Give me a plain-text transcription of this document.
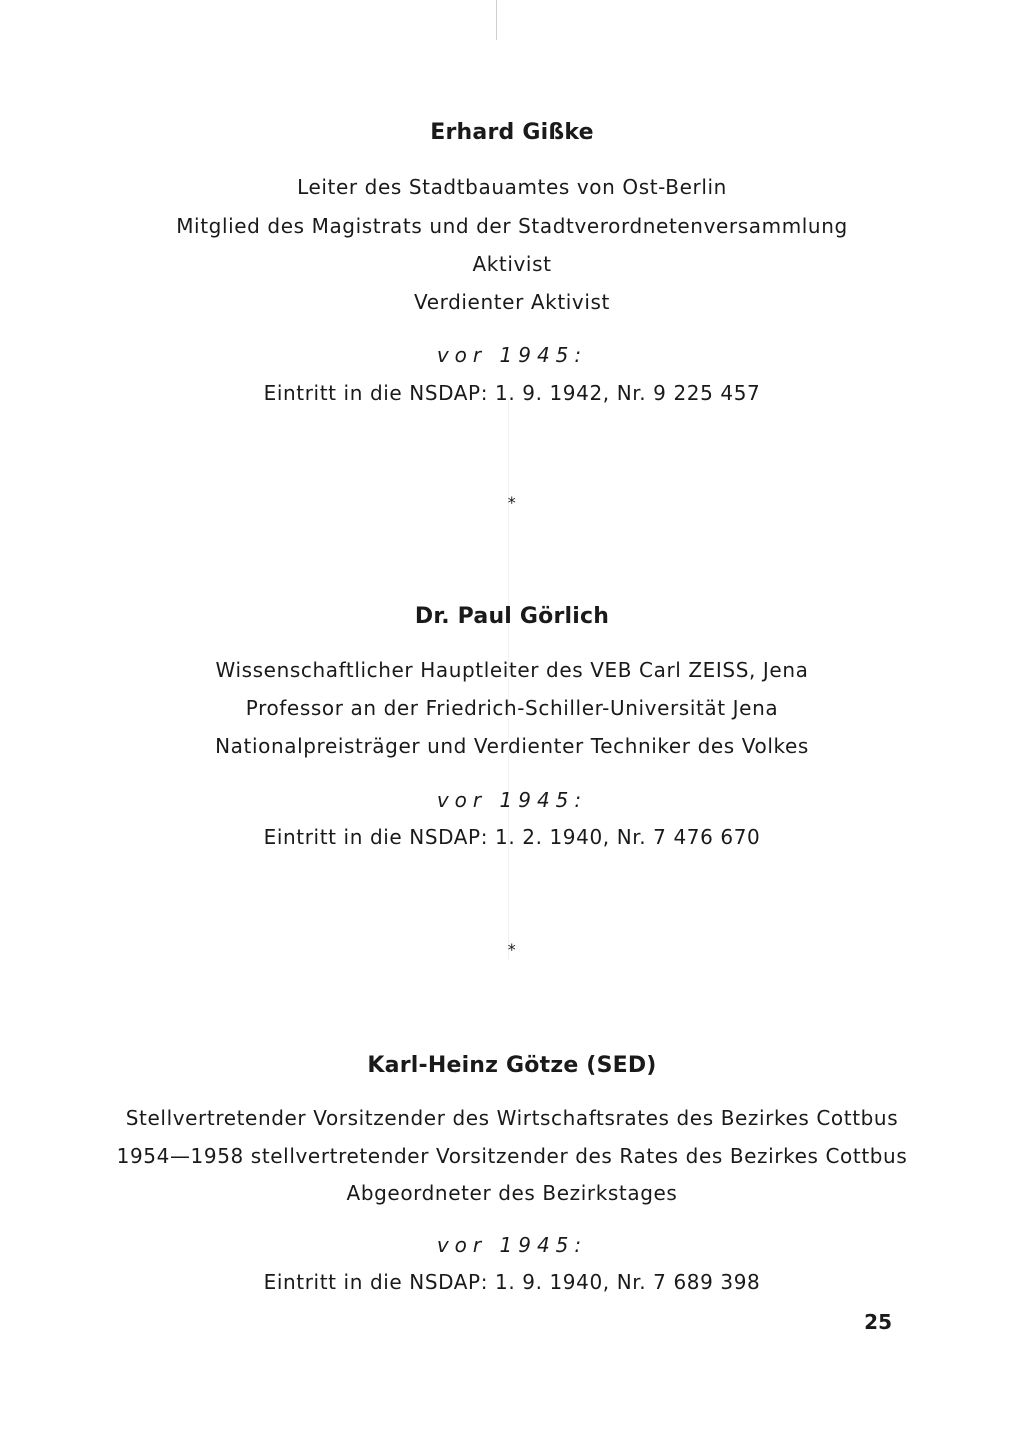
Erhard Gißke
Leiter des Stadtbauamtes von Ost-Berlin
Mitglied des Magistrats und der Stadtverordnetenversammlung
Aktivist
Verdienter Aktivist
vor 1945:
Eintritt in die NSDAP: 1. 9. 1942, Nr. 9 225 457
*
Dr. Paul Görlich
Wissenschaftlicher Hauptleiter des VEB Carl ZEISS, Jena
Professor an der Friedrich-Schiller-Universität Jena
Nationalpreisträger und Verdienter Techniker des Volkes
vor 1945:
Eintritt in die NSDAP: 1. 2. 1940, Nr. 7 476 670
*
Karl-Heinz Götze (SED)
Stellvertretender Vorsitzender des Wirtschaftsrates des Bezirkes Cottbus
1954—1958 stellvertretender Vorsitzender des Rates des Bezirkes Cottbus
Abgeordneter des Bezirkstages
vor 1945:
Eintritt in die NSDAP: 1. 9. 1940, Nr. 7 689 398
25
